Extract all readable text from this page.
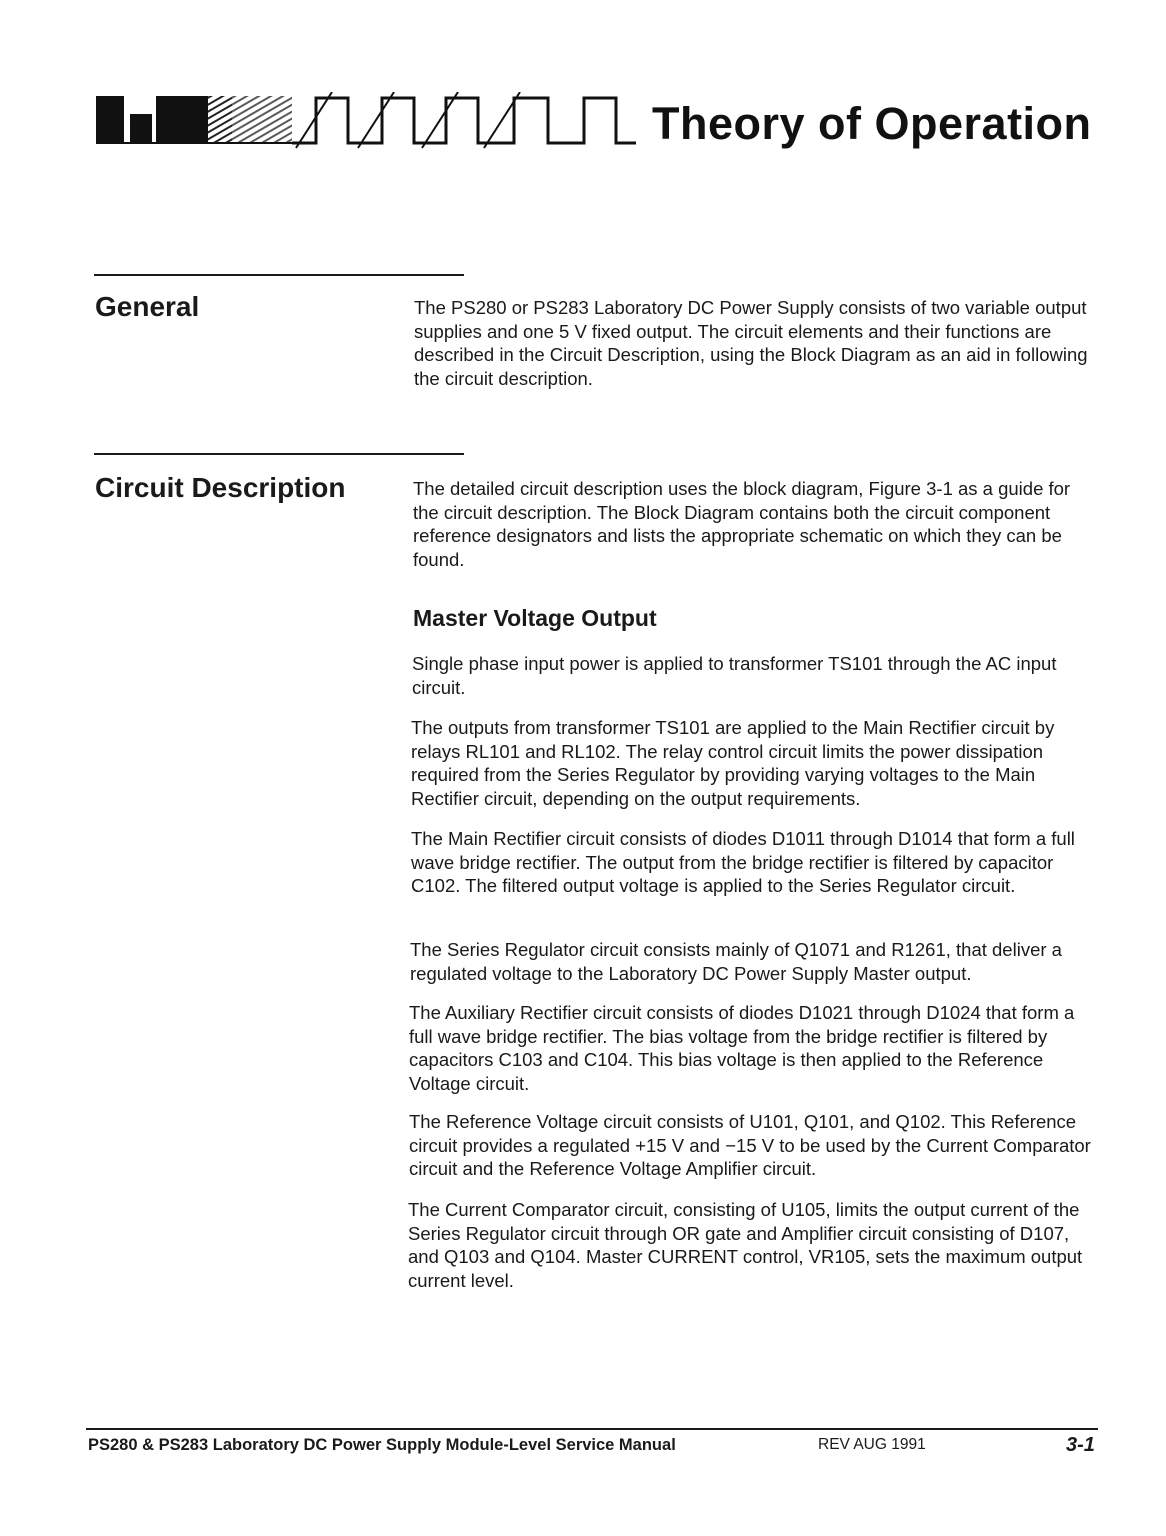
Theory of Operation
General	The PS280 or PS283 Laboratory DC Power Supply consists of two variable output supplies and one 5 V fixed output. The circuit elements and their functions are described in the Circuit Description, using the Block Diagram as an aid in following the circuit description.

Circuit Description	The detailed circuit description uses the block diagram, Figure 3-1 as a guide for the circuit description. The Block Diagram contains both the circuit component reference designators and lists the appropriate schematic on which they can be found.

Master Voltage Output

Single phase input power is applied to transformer TS101 through the AC input circuit.

The outputs from transformer TS101 are applied to the Main Rectifier circuit by relays RL101 and RL102. The relay control circuit limits the power dissipation required from the Series Regulator by providing varying voltages to the Main Rectifier circuit, depending on the output requirements.

The Main Rectifier circuit consists of diodes D1011 through D1014 that form a full wave bridge rectifier. The output from the bridge rectifier is filtered by capacitor C102. The filtered output voltage is applied to the Series Regulator circuit.

The Series Regulator circuit consists mainly of Q1071 and R1261, that deliver a regulated voltage to the Laboratory DC Power Supply Master output.

The Auxiliary Rectifier circuit consists of diodes D1021 through D1024 that form a full wave bridge rectifier. The bias voltage from the bridge rectifier is filtered by capacitors C103 and C104. This bias voltage is then applied to the Reference Voltage circuit.

The Reference Voltage circuit consists of U101, Q101, and Q102. This Reference circuit provides a regulated +15 V and −15 V to be used by the Current Comparator circuit and the Reference Voltage Amplifier circuit.

The Current Comparator circuit, consisting of U105, limits the output current of the Series Regulator circuit through OR gate and Amplifier circuit consisting of D107, and Q103 and Q104. Master CURRENT control, VR105, sets the maximum output current level.

PS280 & PS283 Laboratory DC Power Supply Module-Level Service Manual	REV AUG 1991	3-1
